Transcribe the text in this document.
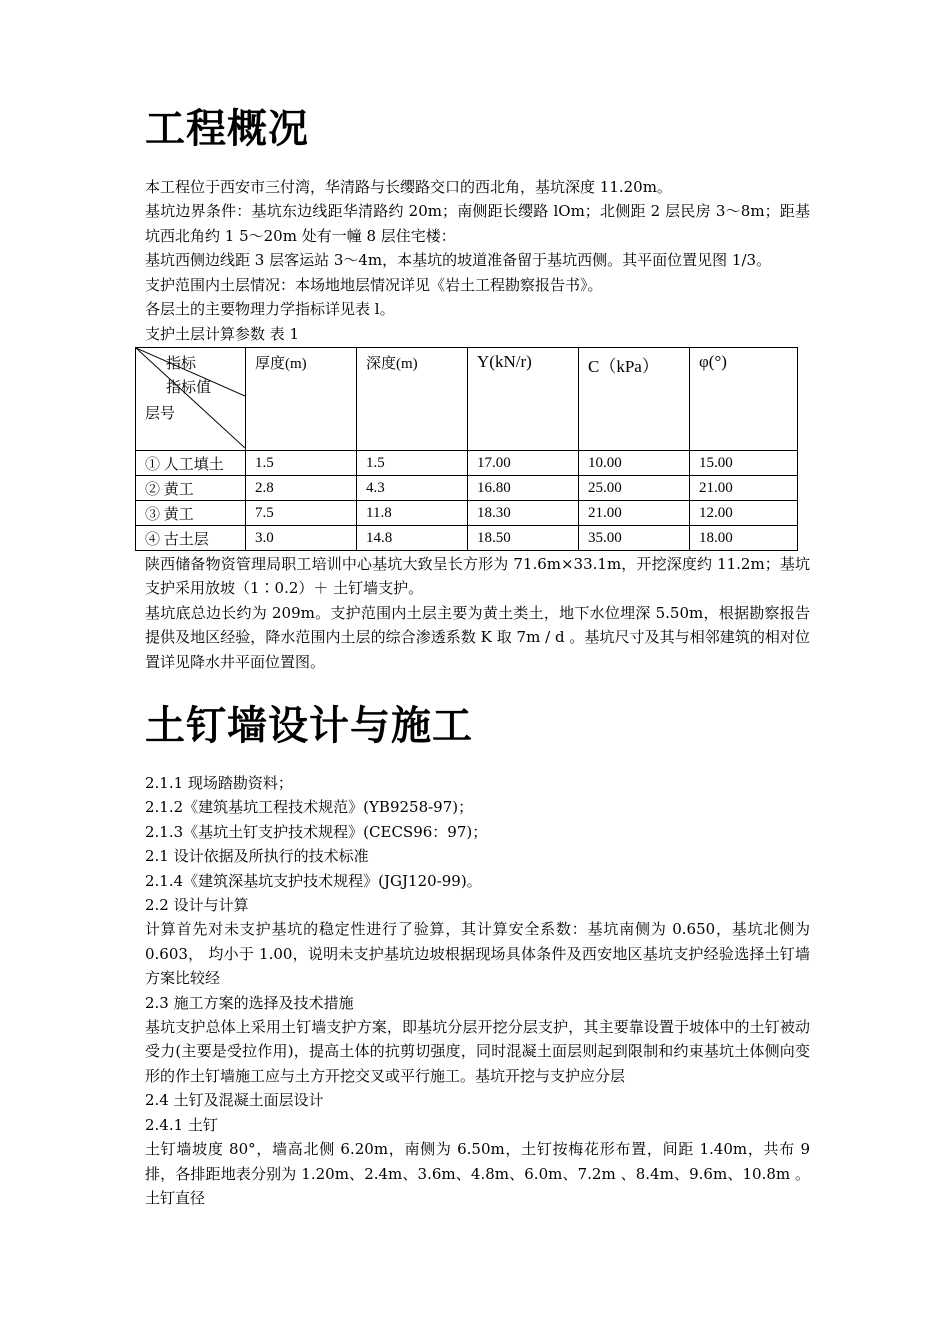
工程概况

本工程位于西安市三付湾，华清路与长缨路交口的西北角，基坑深度 11.20m。

基坑边界条件：基坑东边线距华清路约 20m；南侧距长缨路 lOm；北侧距 2 层民房 3～8m；距基坑西北角约 1 5～20m 处有一幢 8 层住宅楼：

基坑西侧边线距 3 层客运站 3～4m，本基坑的坡道准备留于基坑西侧。其平面位置见图 1/3。

支护范围内土层情况：本场地地层情况详见《岩土工程勘察报告书》。

各层土的主要物理力学指标详见表 l。

支护土层计算参数 表 1
指标
指标值
层号	厚度(m)	深度(m)	Y(kN/r)	C（kPa）	φ(°)
① 人工填土	1.5	1.5	17.00	10.00	15.00
② 黄工	2.8	4.3	16.80	25.00	21.00
③ 黄工	7.5	11.8	18.30	21.00	12.00
④ 古土层	3.0	14.8	18.50	35.00	18.00

陕西储备物资管理局职工培训中心基坑大致呈长方形为 71.6m×33.1m，开挖深度约 11.2m；基坑支护采用放坡（1∶0.2）＋ 土钉墙支护。

基坑底总边长约为 209m。支护范围内土层主要为黄土类土，地下水位埋深 5.50m，根据勘察报告提供及地区经验，降水范围内土层的综合渗透系数 K 取 7m / d 。基坑尺寸及其与相邻建筑的相对位置详见降水井平面位置图。

土钉墙设计与施工

2.1.1 现场踏勘资料；

2.1.2《建筑基坑工程技术规范》(YB9258-97)；

2.1.3《基坑土钉支护技术规程》(CECS96：97)；

2.1 设计依据及所执行的技术标准

2.1.4《建筑深基坑支护技术规程》(JGJ120-99)。

2.2 设计与计算

计算首先对未支护基坑的稳定性进行了验算，其计算安全系数：基坑南侧为 0.650，基坑北侧为 0.603， 均小于 1.00，说明未支护基坑边坡根据现场具体条件及西安地区基坑支护经验选择土钉墙方案比较经

2.3 施工方案的选择及技术措施

基坑支护总体上采用土钉墙支护方案，即基坑分层开挖分层支护，其主要靠设置于坡体中的土钉被动受力(主要是受拉作用)，提高土体的抗剪切强度，同时混凝土面层则起到限制和约束基坑土体侧向变形的作土钉墙施工应与土方开挖交叉或平行施工。基坑开挖与支护应分层

2.4 土钉及混凝土面层设计

2.4.1 土钉

土钉墙坡度 80°，墙高北侧 6.20m，南侧为 6.50m，土钉按梅花形布置，间距 1.40m，共布 9 排，各排距地表分别为 1.20m、2.4m、3.6m、4.8m、6.0m、7.2m 、8.4m、9.6m、10.8m 。土钉直径
